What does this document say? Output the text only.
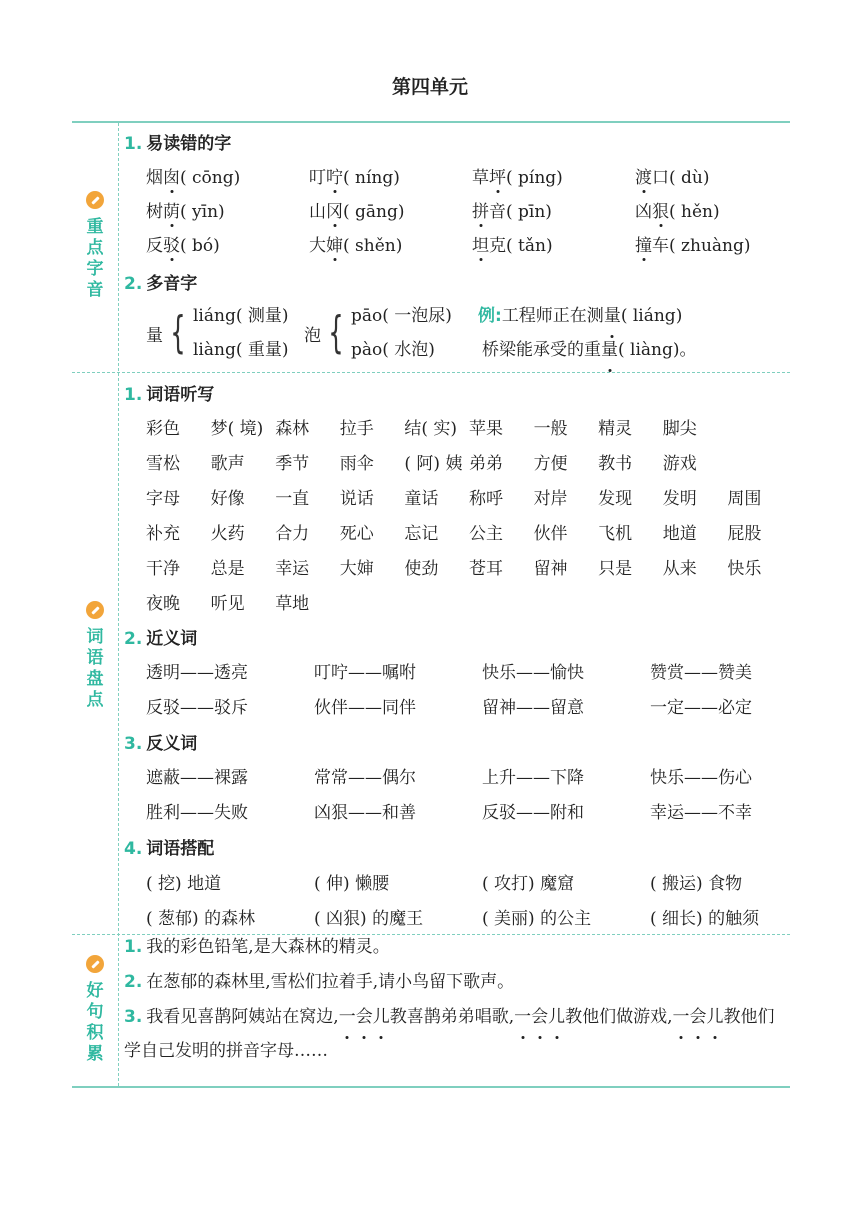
第四单元
重
点
字
音
词
语
盘
点
好
句
积
累
1. 易读错的字
烟囱( cōng)	叮咛( níng)	草坪( píng)	渡口( dù)
树荫( yīn)	山冈( gāng)	拼音( pīn)	凶狠( hěn)
反驳( bó)	大婶( shěn)	坦克( tǎn)	撞车( zhuàng)
2. 多音字
量 { liáng( 测量)
liàng( 重量)
泡 { pāo( 一泡尿)
pào( 水泡)
例:工程师正在测量( liáng)
桥梁能承受的重量( liàng)。
1. 词语听写
彩色	梦( 境) 森林	拉手	结( 实) 苹果	一般	精灵	脚尖
雪松	歌声	季节	雨伞	( 阿) 姨 弟弟	方便	教书	游戏
字母	好像	一直	说话	童话	称呼	对岸	发现	发明	周围
补充	火药	合力	死心	忘记	公主	伙伴	飞机	地道	屁股
干净	总是	幸运	大婶	使劲	苍耳	留神	只是	从来	快乐
夜晚	听见	草地
2. 近义词
透明——透亮	叮咛——嘱咐	快乐——愉快	赞赏——赞美
反驳——驳斥	伙伴——同伴	留神——留意	一定——必定
3. 反义词
遮蔽——裸露	常常——偶尔	上升——下降	快乐——伤心
胜利——失败	凶狠——和善	反驳——附和	幸运——不幸
4. 词语搭配
( 挖) 地道	( 伸) 懒腰	( 攻打) 魔窟	( 搬运) 食物
( 葱郁) 的森林	( 凶狠) 的魔王	( 美丽) 的公主	( 细长) 的触须
1. 我的彩色铅笔,是大森林的精灵。
2. 在葱郁的森林里,雪松们拉着手,请小鸟留下歌声。
3. 我看见喜鹊阿姨站在窝边,一会儿教喜鹊弟弟唱歌,一会儿教他们做游戏,一会儿教他们学自己发明的拼音字母……
